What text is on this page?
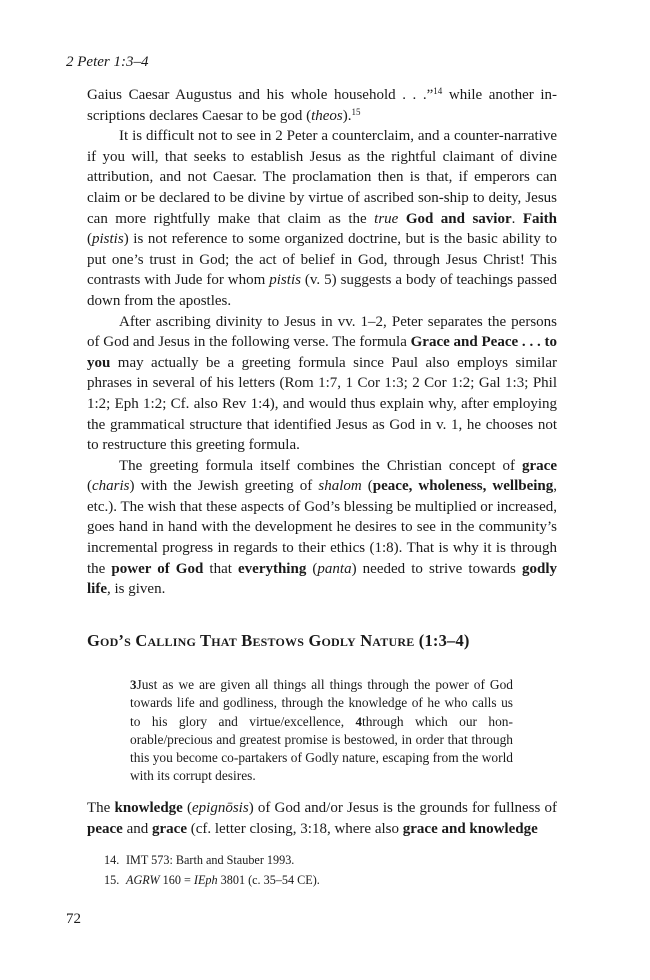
2 Peter 1:3–4

Gaius Caesar Augustus and his whole household . . .”$^{14}$ while another inscriptions declares Caesar to be god (theos).$^{15}$

It is difficult not to see in 2 Peter a counterclaim, and a counter-narrative if you will, that seeks to establish Jesus as the rightful claimant of divine attribution, and not Caesar. The proclamation then is that, if emperors can claim or be declared to be divine by virtue of ascribed son-ship to deity, Jesus can more rightfully make that claim as the true God and savior. Faith (pistis) is not reference to some organized doctrine, but is the basic ability to put one’s trust in God; the act of belief in God, through Jesus Christ! This contrasts with Jude for whom pistis (v. 5) suggests a body of teachings passed down from the apostles.

After ascribing divinity to Jesus in vv. 1–2, Peter separates the persons of God and Jesus in the following verse. The formula Grace and Peace . . . to you may actually be a greeting formula since Paul also employs similar phrases in several of his letters (Rom 1:7, 1 Cor 1:3; 2 Cor 1:2; Gal 1:3; Phil 1:2; Eph 1:2; Cf. also Rev 1:4), and would thus explain why, after employing the grammatical structure that identified Jesus as God in v. 1, he chooses not to restructure this greeting formula.

The greeting formula itself combines the Christian concept of grace (charis) with the Jewish greeting of shalom (peace, wholeness, wellbeing, etc.). The wish that these aspects of God’s blessing be multiplied or increased, goes hand in hand with the development he desires to see in the community’s incremental progress in regards to their ethics (1:8). That is why it is through the power of God that everything (panta) needed to strive towards godly life, is given.

God’s Calling That Bestows Godly Nature (1:3–4)
3Just as we are given all things all things through the power of God towards life and godliness, through the knowledge of he who calls us to his glory and virtue/excellence, 4through which our honorable/precious and greatest promise is bestowed, in order that through this you become co-partakers of Godly nature, escaping from the world with its corrupt desires.

The knowledge (epignōsis) of God and/or Jesus is the grounds for fullness of peace and grace (cf. letter closing, 3:18, where also grace and knowledge

14. IMT 573: Barth and Stauber 1993.
15. AGRW 160 = IEph 3801 (c. 35–54 CE).
72
